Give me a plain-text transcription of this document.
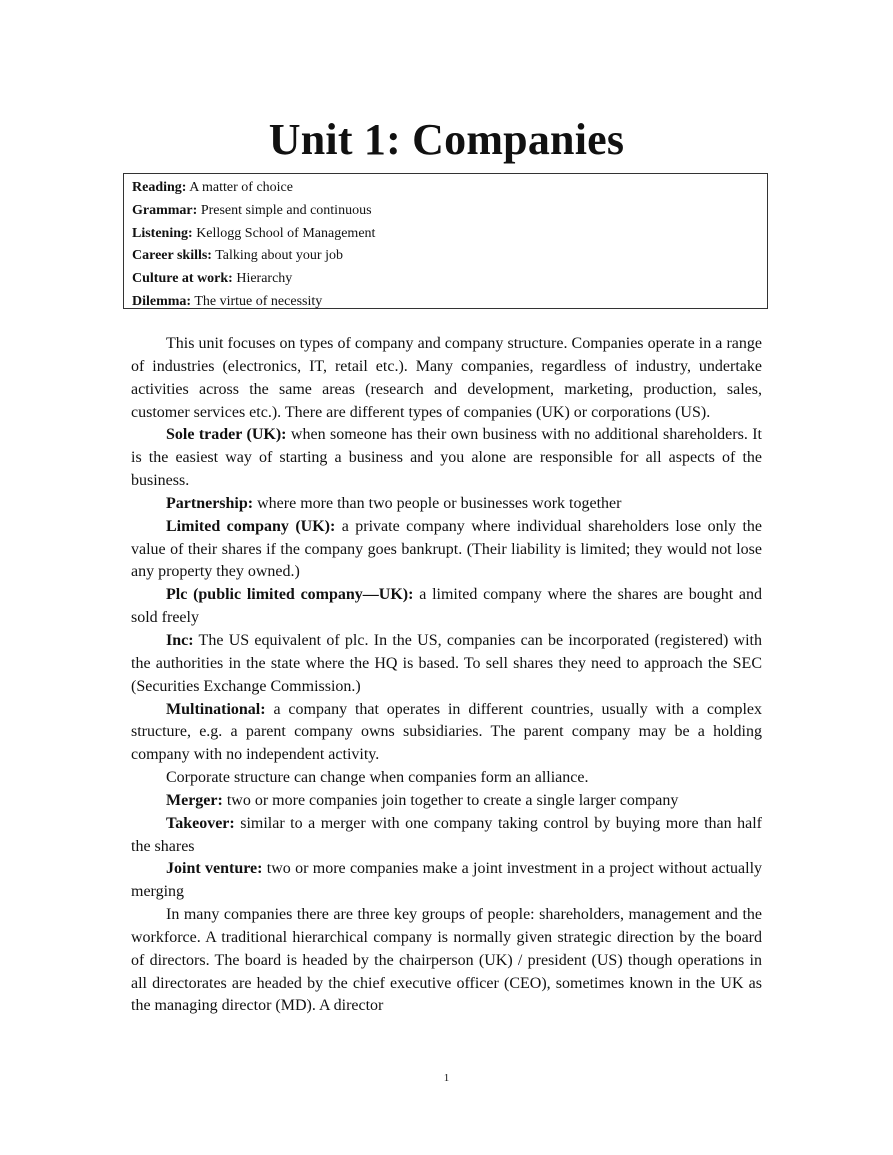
Unit 1: Companies
Reading: A matter of choice
Grammar: Present simple and continuous
Listening: Kellogg School of Management
Career skills: Talking about your job
Culture at work: Hierarchy
Dilemma: The virtue of necessity

This unit focuses on types of company and company structure. Companies operate in a range of industries (electronics, IT, retail etc.). Many companies, regardless of industry, undertake activities across the same areas (research and development, marketing, production, sales, customer services etc.). There are different types of companies (UK) or corporations (US).

Sole trader (UK): when someone has their own business with no additional shareholders. It is the easiest way of starting a business and you alone are responsible for all aspects of the business.

Partnership: where more than two people or businesses work together

Limited company (UK): a private company where individual shareholders lose only the value of their shares if the company goes bankrupt. (Their liability is limited; they would not lose any property they owned.)

Plc (public limited company—UK): a limited company where the shares are bought and sold freely

Inc: The US equivalent of plc. In the US, companies can be incorporated (registered) with the authorities in the state where the HQ is based. To sell shares they need to approach the SEC (Securities Exchange Commission.)

Multinational: a company that operates in different countries, usually with a complex structure, e.g. a parent company owns subsidiaries. The parent company may be a holding company with no independent activity.

Corporate structure can change when companies form an alliance.

Merger: two or more companies join together to create a single larger company

Takeover: similar to a merger with one company taking control by buying more than half the shares

Joint venture: two or more companies make a joint investment in a project without actually merging

In many companies there are three key groups of people: shareholders, management and the workforce. A traditional hierarchical company is normally given strategic direction by the board of directors. The board is headed by the chairperson (UK) / president (US) though operations in all directorates are headed by the chief executive officer (CEO), sometimes known in the UK as the managing director (MD). A director

1
